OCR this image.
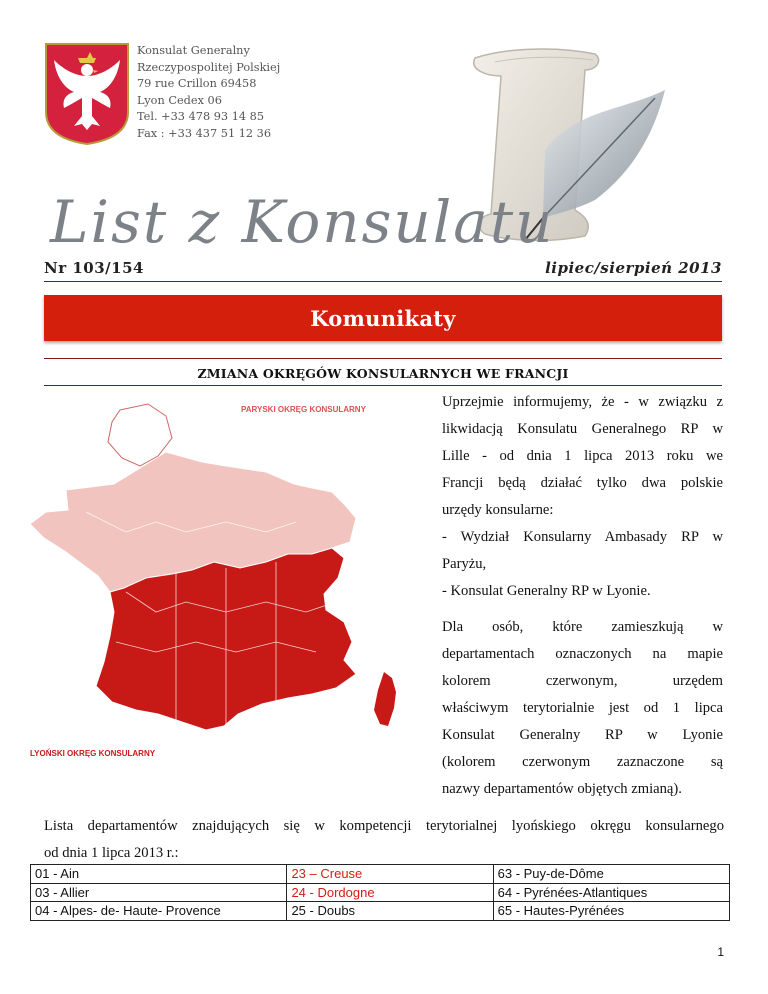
Konsulat Generalny
Rzeczypospolitej Polskiej
79 rue Crillon 69458
Lyon Cedex 06
Tel. +33 478 93 14 85
Fax : +33 437 51 12 36
List z Konsulatu
Nr 103/154	lipiec/sierpień 2013
Komunikaty
ZMIANA OKRĘGÓW KONSULARNYCH WE FRANCJI
PARYSKI OKRĘG KONSULARNY
LYOŃSKI OKRĘG KONSULARNY

Uprzejmie informujemy, że - w związku z

likwidacją Konsulatu Generalnego RP w

Lille - od dnia 1 lipca 2013 roku we

Francji będą działać tylko dwa polskie

urzędy konsularne:

- Wydział Konsularny Ambasady RP w

Paryżu,

- Konsulat Generalny RP w Lyonie.

Dla osób, które zamieszkują w

departamentach oznaczonych na mapie

kolorem czerwonym, urzędem

właściwym terytorialnie jest od 1 lipca

Konsulat Generalny RP w Lyonie

(kolorem czerwonym zaznaczone są

nazwy departamentów objętych zmianą).

Lista departamentów znajdujących się w kompetencji terytorialnej lyońskiego okręgu konsularnego

od dnia 1 lipca 2013 r.:

01 - Ain	23 – Creuse	63 - Puy-de-Dôme
03 - Allier	24 - Dordogne	64 - Pyrénées-Atlantiques
04 - Alpes- de- Haute- Provence	25 - Doubs	65 - Hautes-Pyrénées
1
